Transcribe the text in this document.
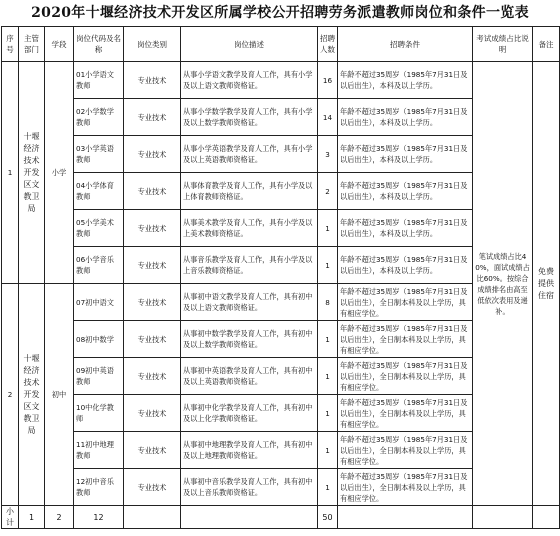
2020年十堰经济技术开发区所属学校公开招聘劳务派遣教师岗位和条件一览表
序号	主管部门	学段	岗位代码及名称	岗位类别	岗位描述	招聘人数	招聘条件	考试成绩占比说明	备注
1	十堰经济技术开发区文教卫局	小学	01小学语文教师	专业技术	从事小学语文教学及育人工作，具有小学及以上语文教师资格证。	16	年龄不超过35周岁（1985年7月31日及以后出生），本科及以上学历。	笔试成绩占比40%，面试成绩占比60%。按综合成绩排名由高至低依次表用及递补。	免费提供住宿
			02小学数学教师	专业技术	从事小学数学教学及育人工作，具有小学及以上数学教师资格证。	14	年龄不超过35周岁（1985年7月31日及以后出生），本科及以上学历。		
			03小学英语教师	专业技术	从事小学英语教学及育人工作，具有小学及以上英语教师资格证。	3	年龄不超过35周岁（1985年7月31日及以后出生），本科及以上学历。		
			04小学体育教师	专业技术	从事体育教学及育人工作，具有小学及以上体育教师资格证。	2	年龄不超过35周岁（1985年7月31日及以后出生），本科及以上学历。		
			05小学美术教师	专业技术	从事美术教学及育人工作，具有小学及以上美术教师资格证。	1	年龄不超过35周岁（1985年7月31日及以后出生），本科及以上学历。		
			06小学音乐教师	专业技术	从事音乐教学及育人工作，具有小学及以上音乐教师资格证。	1	年龄不超过35周岁（1985年7月31日及以后出生），本科及以上学历。		
2	十堰经济技术开发区文教卫局	初中	07初中语文	专业技术	从事初中语文教学及育人工作，具有初中及以上语文教师资格证。	8	年龄不超过35周岁（1985年7月31日及以后出生），全日制本科及以上学历，具有相应学位。		
			08初中数学	专业技术	从事初中数学教学及育人工作，具有初中及以上数学教师资格证。	1	年龄不超过35周岁（1985年7月31日及以后出生），全日制本科及以上学历，具有相应学位。		
			09初中英语教师	专业技术	从事初中英语教学及育人工作，具有初中及以上英语教师资格证。	1	年龄不超过35周岁（1985年7月31日及以后出生），全日制本科及以上学历，具有相应学位。		
			10中化学教师	专业技术	从事初中化学教学及育人工作，具有初中及以上化学教师资格证。	1	年龄不超过35周岁（1985年7月31日及以后出生），全日制本科及以上学历，具有相应学位。		
			11初中地理教师	专业技术	从事初中地理教学及育人工作，具有初中及以上地理教师资格证。	1	年龄不超过35周岁（1985年7月31日及以后出生），全日制本科及以上学历，具有相应学位。		
			12初中音乐教师	专业技术	从事初中音乐教学及育人工作，具有初中及以上音乐教师资格证。	1	年龄不超过35周岁（1985年7月31日及以后出生），全日制本科及以上学历，具有相应学位。		
小计	1	2	12			50			
